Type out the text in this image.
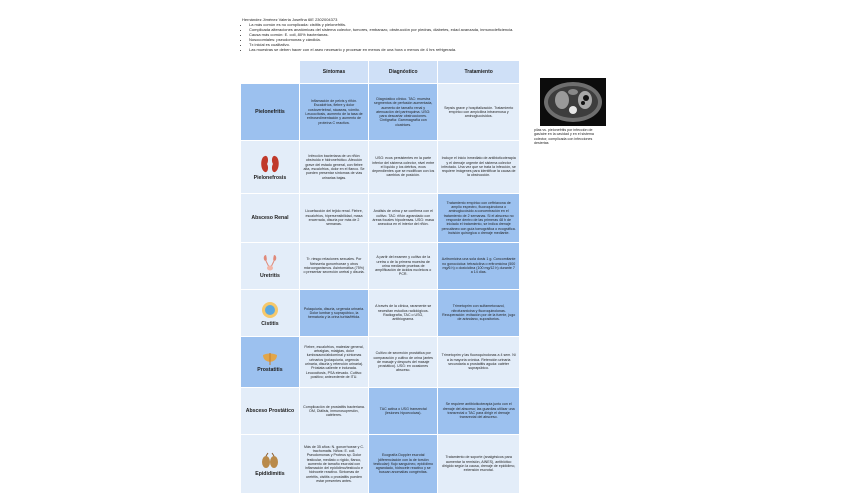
Hernández Jiménez Valeria Josefina 6IE 2302004373
• La más común es no complicada: cistitis y pielonefritis.
• Complicada alteraciones anatómicas del sistema colector, tumores, embarazo, obstrucción por piedras, diabetes, edad avanzada, inmunodeficiencia.
• Causa más común: E. coli, 80% bacterianas.
• Nosocomiales: pseudomonas y cándida.
• Tx inicial es cualitativo.
• Las muestras se deben hacer con el aseo necesario y procesar en menos de una hora o menos de 4 hrs refrigerada.
	Síntomas	Diagnóstico	Tratamiento
Pielonefritis	Inflamación de pelvis y riñón. Escalofríos, fiebre y dolor costovertebral, náuseas, vómito. Leucocitosis, aumento de la tasa de eritrosedimentación y aumento de proteína C reactiva.	Diagnóstico clínico. TAC: muestra segmentos de perfusión aumentada, aumento de tamaño renal y atenuación del parénquima. USG: para descartar obstrucciones. Cintigrafía: Gammagrafía con cicatrices.	Sepsis grave y hospitalización. Tratamiento empírico con ampicilina intravenosa y aminoglucósidos.

Pielonefrosis	Infección bacteriana de un riñón obstruido e hidronefrótico. Afección grave del estado general, con fiebre alta, escalofríos, dolor en el flanco. Se pueden presentar síntomas de vías urinarias bajas.	USG: ecos persistentes en la parte inferior del sistema colector, nivel entre el líquido y los detritos, ecos dependientes que se modifican con los cambios de posición.	Incluye el inicio inmediato de antibioticoterapia y el drenaje urgente del sistema colector infectado. Una vez que se trata la infección, se requiere imágenes para identificar la causa de la obstrucción.
Absceso Renal	Licuefacción del tejido renal. Fiebre, escalofríos, hipersensibilidad, masa encerrada, disuria por más de 2 semanas.	Análisis de orina y se confirma con el cultivo. TAC: riñón agrandado con áreas focales hipodensas. USG: masa anecoica en el interior del riñón.	Tratamiento empírico con ceftriaxona de amplio espectro, fluoroquinolona o aminoglucósido a concentración en el tratamiento de 2 semanas. Si el absceso no responde dentro de las primeras 48 h de iniciado el tratamiento, se indica drenaje percutáneo con guía tomográfica o ecográfica. Incisión quirúrgica o drenaje mediante.

Uretritis	Tr. riesgo relaciones sexuales. Por Neisseria gonorrhoeae y otros microorganismos. Asintomática (75%) o presentar secreción uretral y disuria.	A partir del examen y cultivo de la uretra o de la primera muestra de orina mediante pruebas de amplificación de ácidos nucleicos o PCR.	Azitromicina una sola dosis 1 g. Concomitante no gonocócica: tetraciclina o eritromicina (500 mg/6 h) o doxiciclina (100 mg/12 h) durante 7 a 14 días.

Cistitis	Polaquiuria, disuria, urgencia urinaria. Dolor lumbar y suprapúbico, la hematuria y la orina turbia/fétida.	A través de la clínica, raramente se necesitan estudios radiológicos. Radiografía, TAC o USG, antibiograma.	Trimetoprim con sulfametoxazol, nitrofurantoína y fluoroquinolonas. Recuperación: evitación por de la fuente, jugo de arándano, supositorios.

Prostatitis	Fiebre, escalofríos, malestar general, artralgias, mialgias, dolor lumbosacro/abdominal y síntomas urinarios (polaquiuria, urgencia urinaria, disuria y retención urinaria). Próstata caliente e indurada. Leucocitosis, PSA elevado. Cultivo: positivo; antecedente de ITU.	Cultivo de secreción prostática por comparación y cultivo de orina (antes de masaje y después del masaje prostático). USG: en ocasiones absceso.	Trimetoprim y las fluoroquinolonas a 4 sem. Ni a la mayoría crónica. Retención urinaria secundaria a prostatitis aguda: catéter suprapúbico.
Absceso Prostático	Complicación de prostatitis bacteriana. DM, Diálisis, inmunosupresión, catéteres.	TAC activa o USG transrectal (lesiones hipoecoicas).	Se requiere antibioticoterapia junto con el drenaje del absceso; las guardias utilizar una transrectal o TAC para dirigir el drenaje transrectal del absceso.

Epididimitis	Más de 35 años: N. gonorrhoeae y C. trachomatis. Niños: E. coli. Pseudomonas y Proteus sp. Dolor testicular, mediato o rígido, flanco, aumento de tamaño escrotal con inflamación del epidídimo/testículo e hidrocele reactivo. Síntomas de uretritis, cistitis o prostatitis pueden estar presentes antes.	Ecografía Doppler escrotal (diferenciación con la de torsión testicular): flujo sanguíneo, epidídimo agrandado, hidrocele reactivo y se buscan anomalías congénitas.	Tratamiento de soporte (analgésicos para aumentar la remisión, AINES), antibiótico dirigido según la causa, drenaje de epidídimo, extensión escrotal.
pilas vs. pielonefritis por infección de gas/aire en la cavidad y en el sistema colector, complicada con infecciones desiertas
